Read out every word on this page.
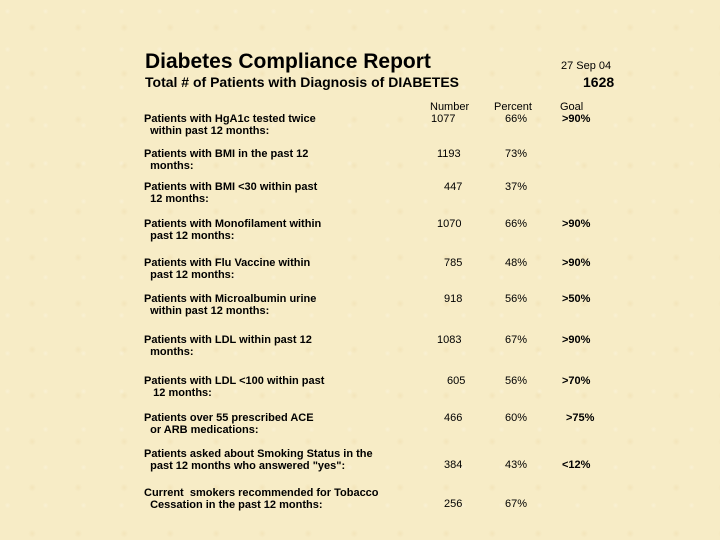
Diabetes Compliance Report	27 Sep 04
Total # of Patients with Diagnosis of DIABETES	1628
Number Percent	Goal
Patients with HgA1c tested twice
within past 12 months:
1077	66%	>90%
Patients with BMI in the past 12
months:
1193	73%
Patients with BMI <30 within past
12 months:
447	37%
Patients with Monofilament within
past 12 months:
1070	66%	>90%
Patients with Flu Vaccine within
past 12 months:
785	48%	>90%
Patients with Microalbumin urine
within past 12 months:
918	56%	>50%
Patients with LDL within past 12
months:
1083	67%	>90%
Patients with LDL <100 within past
12 months:
605	56%	>70%
Patients over 55 prescribed ACE
or ARB medications:
466	60%	>75%
Patients asked about Smoking Status in the
past 12 months who answered "yes":	384	43%	<12%
Current  smokers recommended for Tobacco
Cessation in the past 12 months:	256	67%
